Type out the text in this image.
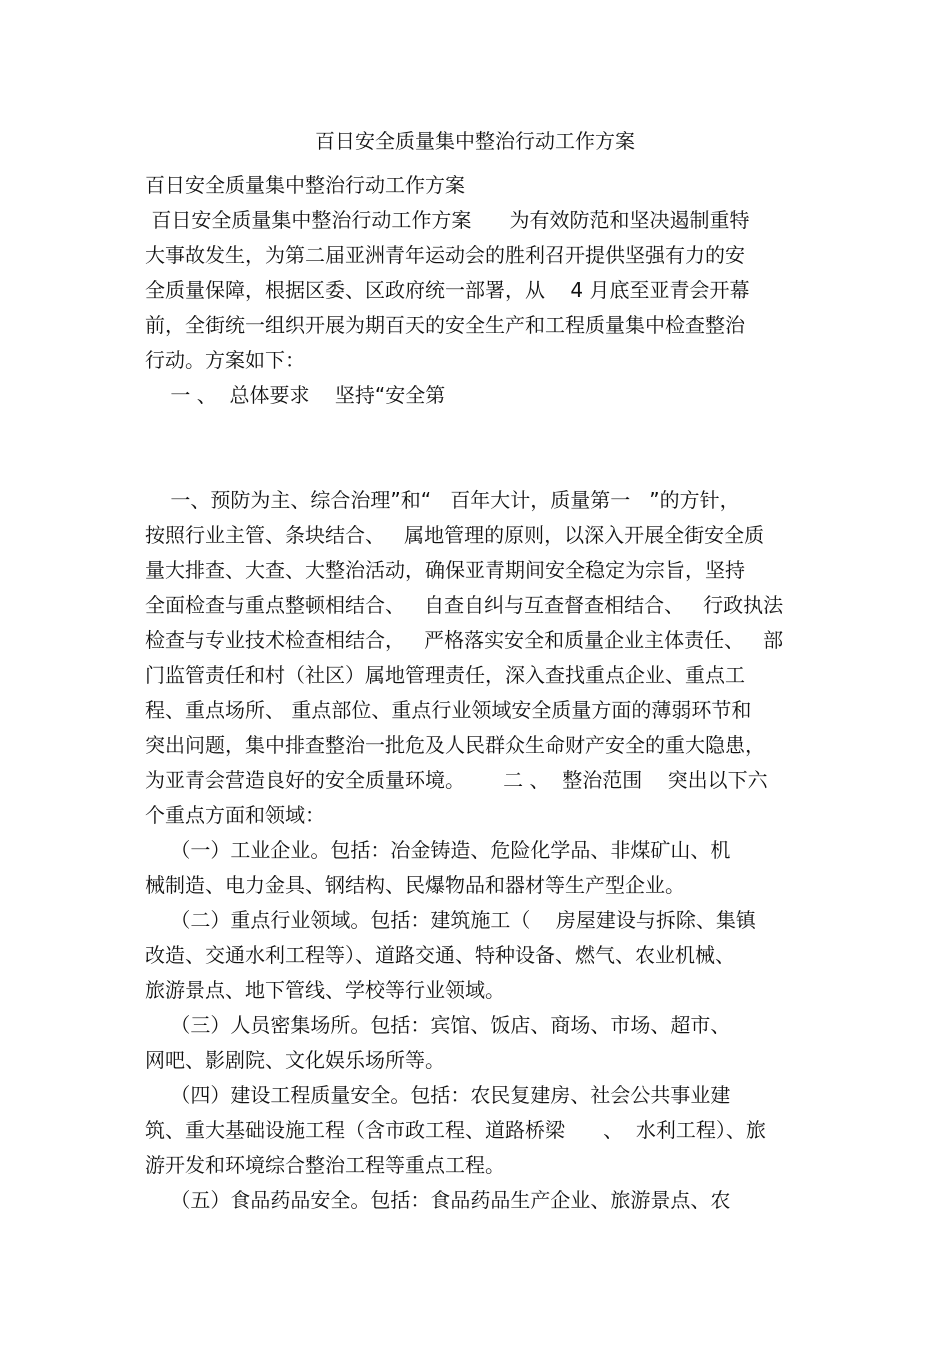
百日安全质量集中整治行动工作方案
百日安全质量集中整治行动工作方案
百日安全质量集中整治行动工作方案      为有效防范和坚决遏制重特
大事故发生，为第二届亚洲青年运动会的胜利召开提供坚强有力的安
全质量保障，根据区委、区政府统一部署，从    4 月底至亚青会开幕
前，全街统一组织开展为期百天的安全生产和工程质量集中检查整治
行动。方案如下：
一 、  总体要求    坚持“安全第
一、预防为主、综合治理”和“   百年大计，质量第一   ”的方针，
按照行业主管、条块结合、   属地管理的原则，以深入开展全街安全质
量大排查、大查、大整治活动，确保亚青期间安全稳定为宗旨，坚持
全面检查与重点整顿相结合、   自查自纠与互查督查相结合、   行政执法
检查与专业技术检查相结合，   严格落实安全和质量企业主体责任、   部
门监管责任和村（社区）属地管理责任，深入查找重点企业、重点工
程、重点场所、 重点部位、重点行业领域安全质量方面的薄弱环节和
突出问题，集中排查整治一批危及人民群众生命财产安全的重大隐患，
为亚青会营造良好的安全质量环境。      二 、  整治范围    突出以下六
个重点方面和领域：
（一）工业企业。包括：冶金铸造、危险化学品、非煤矿山、机
械制造、电力金具、钢结构、民爆物品和器材等生产型企业。
（二）重点行业领域。包括：建筑施工（    房屋建设与拆除、集镇
改造、交通水利工程等）、道路交通、特种设备、燃气、农业机械、
旅游景点、地下管线、学校等行业领域。
（三）人员密集场所。包括：宾馆、饭店、商场、市场、超市、
网吧、影剧院、文化娱乐场所等。
（四）建设工程质量安全。包括：农民复建房、社会公共事业建
筑、重大基础设施工程（含市政工程、道路桥梁      、  水利工程）、旅
游开发和环境综合整治工程等重点工程。
（五）食品药品安全。包括：食品药品生产企业、旅游景点、农
